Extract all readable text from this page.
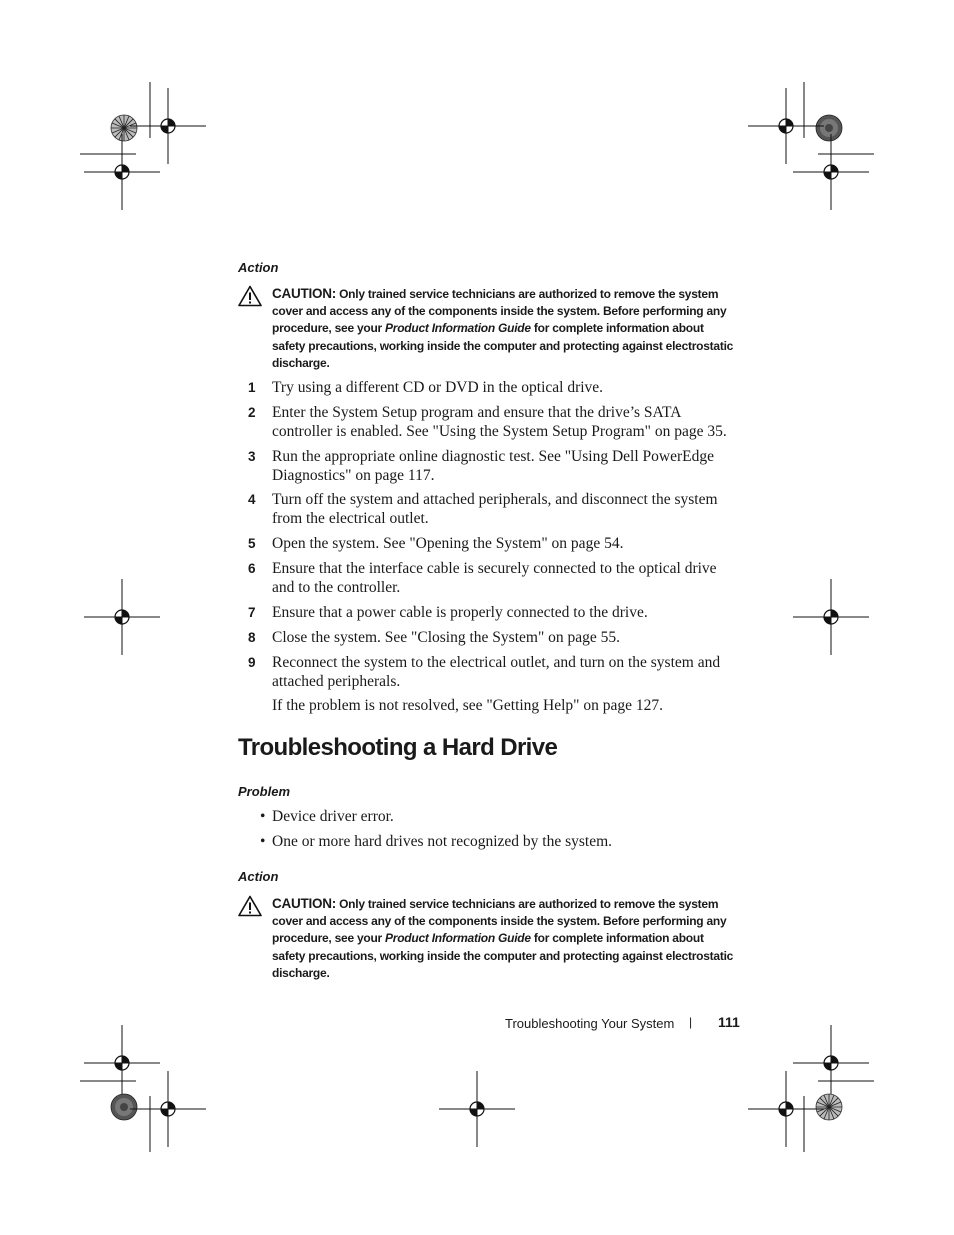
Action
CAUTION: Only trained service technicians are authorized to remove the system cover and access any of the components inside the system. Before performing any procedure, see your Product Information Guide for complete information about safety precautions, working inside the computer and protecting against electrostatic discharge.
1 Try using a different CD or DVD in the optical drive.
2 Enter the System Setup program and ensure that the drive’s SATA controller is enabled. See "Using the System Setup Program" on page 35.
3 Run the appropriate online diagnostic test. See "Using Dell PowerEdge Diagnostics" on page 117.
4 Turn off the system and attached peripherals, and disconnect the system from the electrical outlet.
5 Open the system. See "Opening the System" on page 54.
6 Ensure that the interface cable is securely connected to the optical drive and to the controller.
7 Ensure that a power cable is properly connected to the drive.
8 Close the system. See "Closing the System" on page 55.
9 Reconnect the system to the electrical outlet, and turn on the system and attached peripherals.
If the problem is not resolved, see "Getting Help" on page 127.
Troubleshooting a Hard Drive
Problem
• Device driver error.
• One or more hard drives not recognized by the system.
Action
CAUTION: Only trained service technicians are authorized to remove the system cover and access any of the components inside the system. Before performing any procedure, see your Product Information Guide for complete information about safety precautions, working inside the computer and protecting against electrostatic discharge.
Troubleshooting Your System | 111
